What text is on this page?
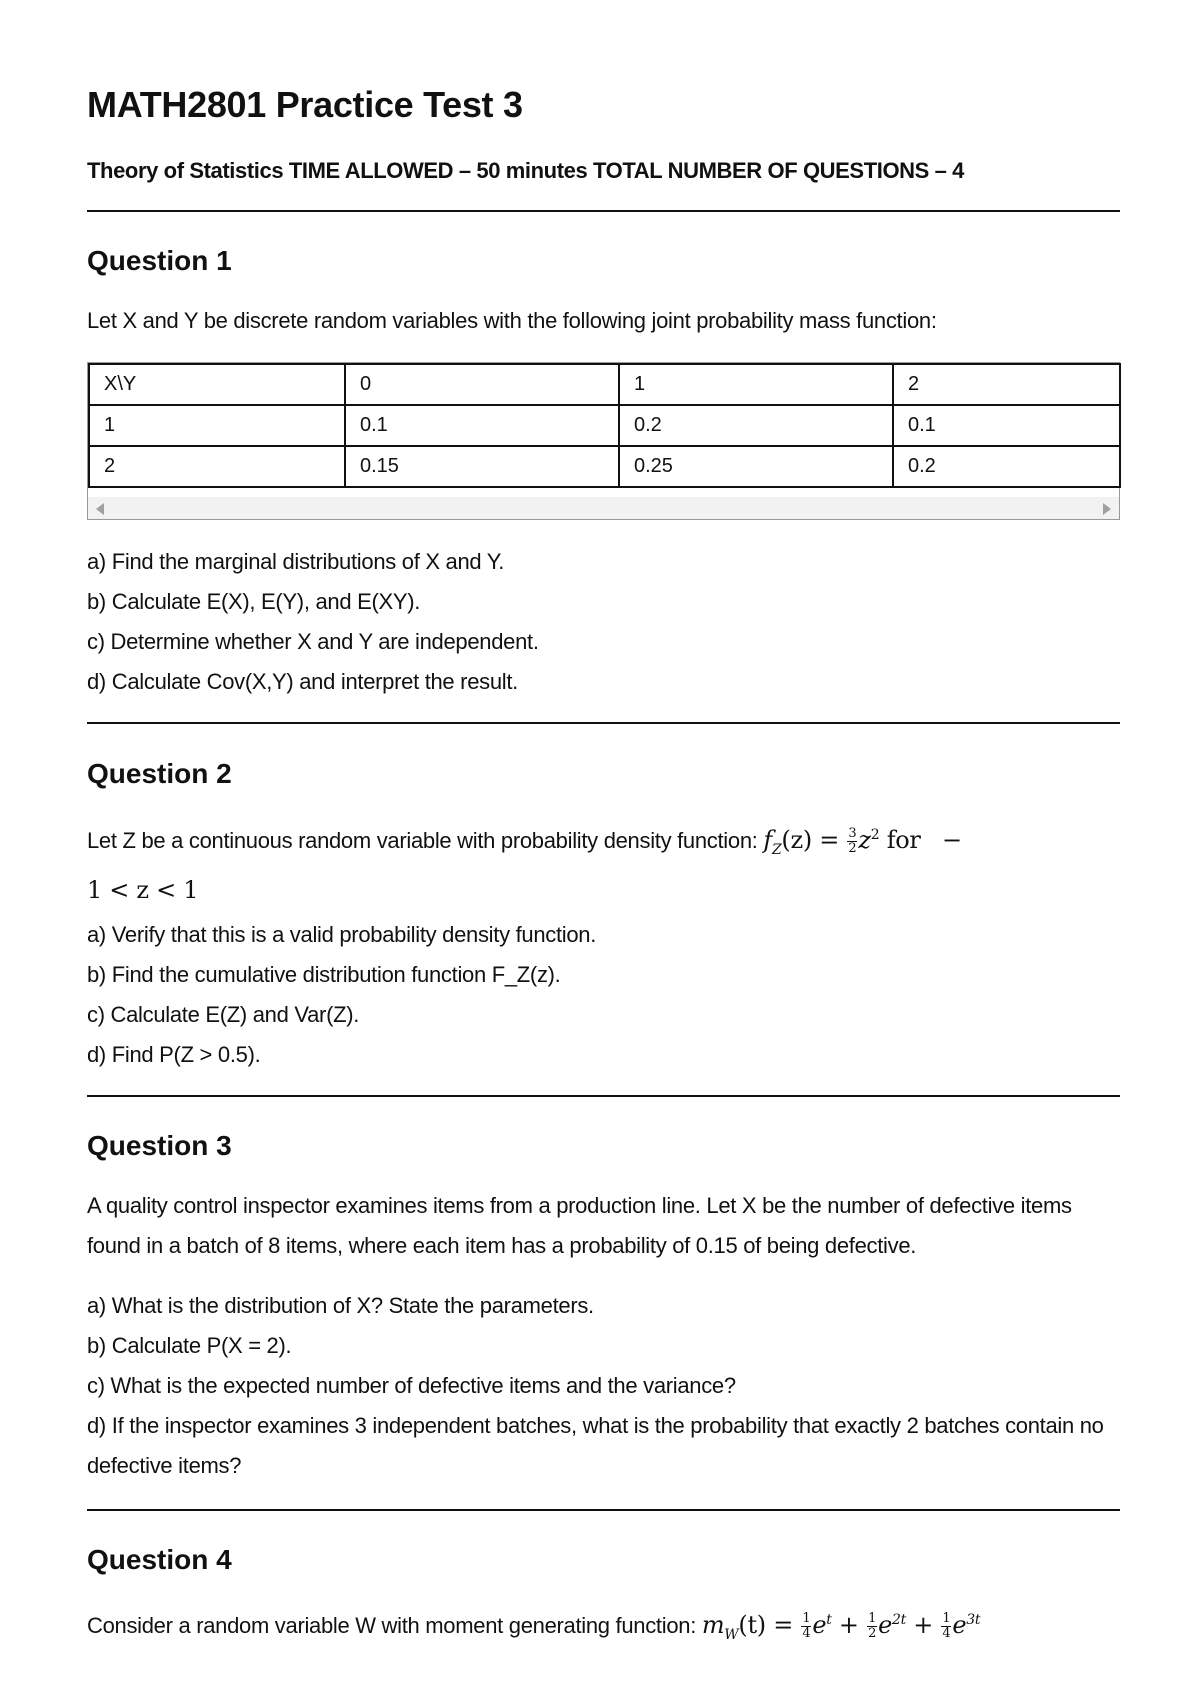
MATH2801 Practice Test 3

Theory of Statistics TIME ALLOWED – 50 minutes TOTAL NUMBER OF QUESTIONS – 4

Question 1

Let X and Y be discrete random variables with the following joint probability mass function:

X\Y	0	1	2
1	0.1	0.2	0.1
2	0.15	0.25	0.2
a) Find the marginal distributions of X and Y.
b) Calculate E(X), E(Y), and E(XY).
c) Determine whether X and Y are independent.
d) Calculate Cov(X,Y) and interpret the result.
Question 2

Let Z be a continuous random variable with probability density function: $f_Z(z) = \frac{3}{2} z^2$ for −
1 < z < 1

a) Verify that this is a valid probability density function.
b) Find the cumulative distribution function F_Z(z).
c) Calculate E(Z) and Var(Z).
d) Find P(Z > 0.5).
Question 3

A quality control inspector examines items from a production line. Let X be the number of defective items found in a batch of 8 items, where each item has a probability of 0.15 of being defective.

a) What is the distribution of X? State the parameters.
b) Calculate P(X = 2).
c) What is the expected number of defective items and the variance?
d) If the inspector examines 3 independent batches, what is the probability that exactly 2 batches contain no defective items?
Question 4

Consider a random variable W with moment generating function: $m_W(t) = \frac{1}{4} e^t + \frac{1}{2} e^{2t} + \frac{1}{4} e^{3t}$
